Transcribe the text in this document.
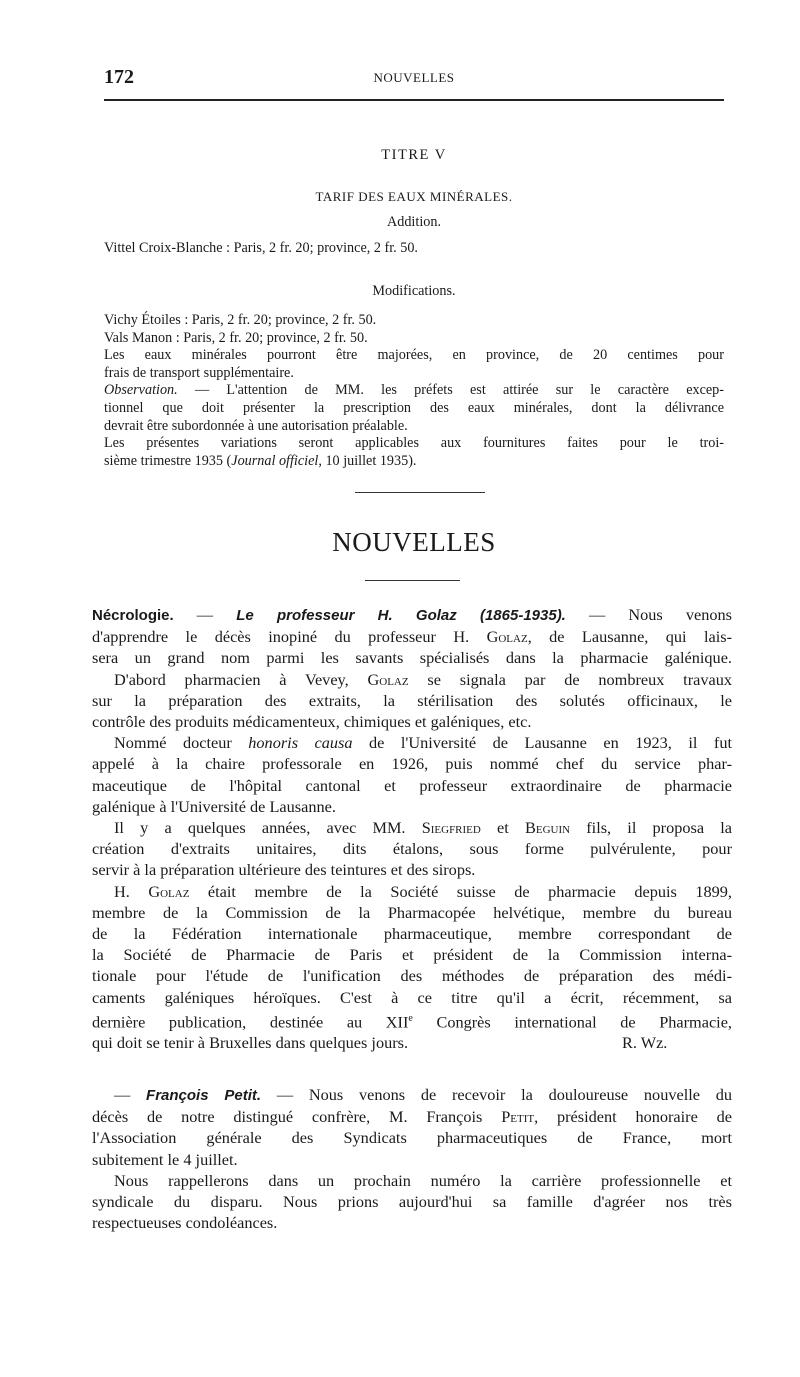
172	NOUVELLES
TITRE V
TARIF DES EAUX MINÉRALES.
Addition.
Vittel Croix-Blanche : Paris, 2 fr. 20; province, 2 fr. 50.
Modifications.
Vichy Étoiles : Paris, 2 fr. 20; province, 2 fr. 50.
Vals Manon : Paris, 2 fr. 20; province, 2 fr. 50.
Les eaux minérales pourront être majorées, en province, de 20 centimes pour
frais de transport supplémentaire.
Observation. — L'attention de MM. les préfets est attirée sur le caractère excep-
tionnel que doit présenter la prescription des eaux minérales, dont la délivrance
devrait être subordonnée à une autorisation préalable.
Les présentes variations seront applicables aux fournitures faites pour le troi-
sième trimestre 1935 (Journal officiel, 10 juillet 1935).
NOUVELLES
Nécrologie. — Le professeur H. Golaz (1865-1935). — Nous venons
d'apprendre le décès inopiné du professeur H. Golaz, de Lausanne, qui lais-
sera un grand nom parmi les savants spécialisés dans la pharmacie galénique.
D'abord pharmacien à Vevey, Golaz se signala par de nombreux travaux
sur la préparation des extraits, la stérilisation des solutés officinaux, le
contrôle des produits médicamenteux, chimiques et galéniques, etc.
Nommé docteur honoris causa de l'Université de Lausanne en 1923, il fut
appelé à la chaire professorale en 1926, puis nommé chef du service phar-
maceutique de l'hôpital cantonal et professeur extraordinaire de pharmacie
galénique à l'Université de Lausanne.
Il y a quelques années, avec MM. Siegfried et Beguin fils, il proposa la
création d'extraits unitaires, dits étalons, sous forme pulvérulente, pour
servir à la préparation ultérieure des teintures et des sirops.
H. Golaz était membre de la Société suisse de pharmacie depuis 1899,
membre de la Commission de la Pharmacopée helvétique, membre du bureau
de la Fédération internationale pharmaceutique, membre correspondant de
la Société de Pharmacie de Paris et président de la Commission interna-
tionale pour l'étude de l'unification des méthodes de préparation des médi-
caments galéniques héroïques. C'est à ce titre qu'il a écrit, récemment, sa
dernière publication, destinée au XIIe Congrès international de Pharmacie,
qui doit se tenir à Bruxelles dans quelques jours.	R. Wz.
— François Petit. — Nous venons de recevoir la douloureuse nouvelle du
décès de notre distingué confrère, M. François Petit, président honoraire de
l'Association générale des Syndicats pharmaceutiques de France, mort
subitement le 4 juillet.
Nous rappellerons dans un prochain numéro la carrière professionnelle et
syndicale du disparu. Nous prions aujourd'hui sa famille d'agréer nos très
respectueuses condoléances.
